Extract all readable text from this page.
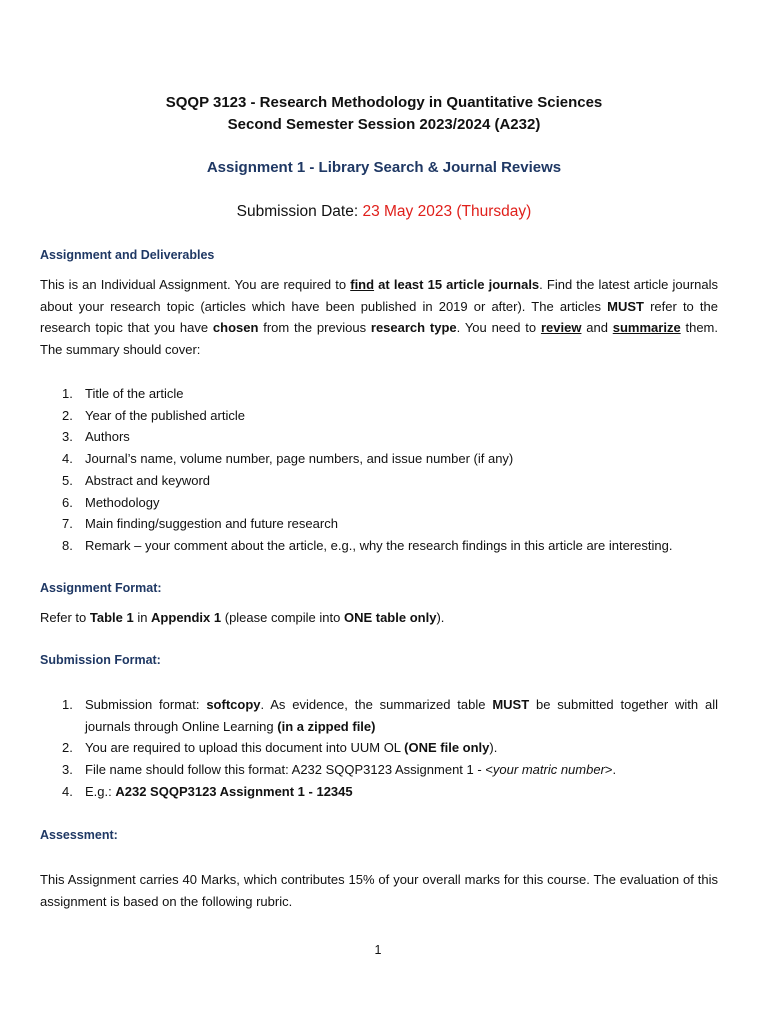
SQQP 3123 - Research Methodology in Quantitative Sciences
Second Semester Session 2023/2024 (A232)
Assignment 1 - Library Search & Journal Reviews
Submission Date: 23 May 2023 (Thursday)
Assignment and Deliverables
This is an Individual Assignment. You are required to find at least 15 article journals. Find the latest article journals about your research topic (articles which have been published in 2019 or after). The articles MUST refer to the research topic that you have chosen from the previous research type. You need to review and summarize them. The summary should cover:
1. Title of the article
2. Year of the published article
3. Authors
4. Journal’s name, volume number, page numbers, and issue number (if any)
5. Abstract and keyword
6. Methodology
7. Main finding/suggestion and future research
8. Remark – your comment about the article, e.g., why the research findings in this article are interesting.
Assignment Format:
Refer to Table 1 in Appendix 1 (please compile into ONE table only).
Submission Format:
1. Submission format: softcopy. As evidence, the summarized table MUST be submitted together with all journals through Online Learning (in a zipped file)
2. You are required to upload this document into UUM OL (ONE file only).
3. File name should follow this format: A232 SQQP3123 Assignment 1 - <your matric number>.
4. E.g.: A232 SQQP3123 Assignment 1 - 12345
Assessment:
This Assignment carries 40 Marks, which contributes 15% of your overall marks for this course. The evaluation of this assignment is based on the following rubric.
1
